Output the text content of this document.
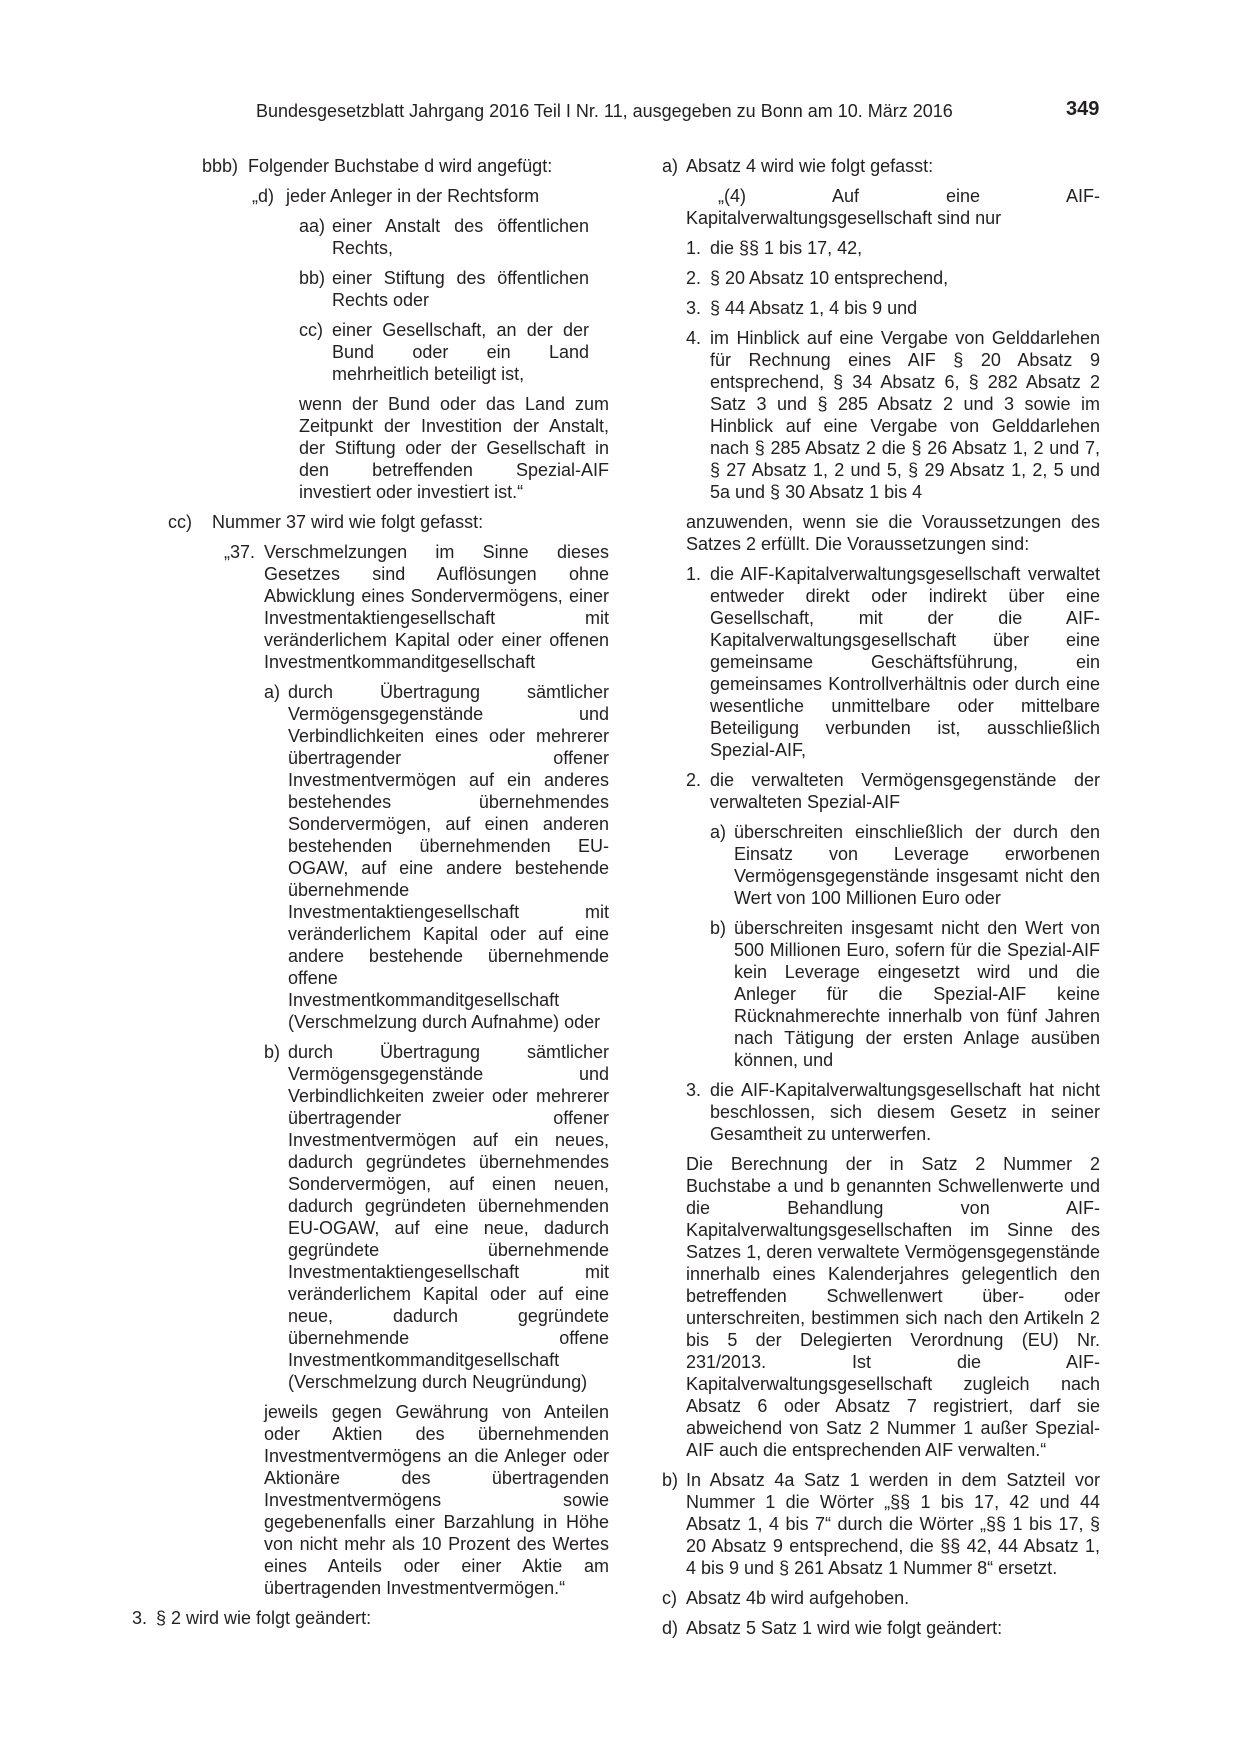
Bundesgesetzblatt Jahrgang 2016 Teil I Nr. 11, ausgegeben zu Bonn am 10. März 2016	349
bbb) Folgender Buchstabe d wird angefügt:
„d) jeder Anleger in der Rechtsform
aa) einer Anstalt des öffentlichen Rechts,
bb) einer Stiftung des öffentlichen Rechts oder
cc) einer Gesellschaft, an der der Bund oder ein Land mehrheitlich beteiligt ist,
wenn der Bund oder das Land zum Zeitpunkt der Investition der Anstalt, der Stiftung oder der Gesellschaft in den betreffenden Spezial-AIF investiert oder investiert ist.“
cc)	Nummer 37 wird wie folgt gefasst:
„37. Verschmelzungen im Sinne dieses Gesetzes sind Auflösungen ohne Abwicklung eines Sondervermögens, einer Investmentaktiengesellschaft mit veränderlichem Kapital oder einer offenen Investmentkommanditgesellschaft
a) durch Übertragung sämtlicher Vermögensgegenstände und Verbindlichkeiten eines oder mehrerer übertragender offener Investmentvermögen auf ein anderes bestehendes übernehmendes Sondervermögen, auf einen anderen bestehenden übernehmenden EU-OGAW, auf eine andere bestehende übernehmende Investmentaktiengesellschaft mit veränderlichem Kapital oder auf eine andere bestehende übernehmende offene Investmentkommanditgesellschaft (Verschmelzung durch Aufnahme) oder
b) durch Übertragung sämtlicher Vermögensgegenstände und Verbindlichkeiten zweier oder mehrerer übertragender offener Investmentvermögen auf ein neues, dadurch gegründetes übernehmendes Sondervermögen, auf einen neuen, dadurch gegründeten übernehmenden EU-OGAW, auf eine neue, dadurch gegründete übernehmende Investmentaktiengesellschaft mit veränderlichem Kapital oder auf eine neue, dadurch gegründete übernehmende offene Investmentkommanditgesellschaft (Verschmelzung durch Neugründung)
jeweils gegen Gewährung von Anteilen oder Aktien des übernehmenden Investmentvermögens an die Anleger oder Aktionäre des übertragenden Investmentvermögens sowie gegebenenfalls einer Barzahlung in Höhe von nicht mehr als 10 Prozent des Wertes eines Anteils oder einer Aktie am übertragenden Investmentvermögen.“
3. § 2 wird wie folgt geändert:
a) Absatz 4 wird wie folgt gefasst:
„(4) Auf eine AIF-Kapitalverwaltungsgesellschaft sind nur
1. die §§ 1 bis 17, 42,
2. § 20 Absatz 10 entsprechend,
3. § 44 Absatz 1, 4 bis 9 und
4. im Hinblick auf eine Vergabe von Gelddarlehen für Rechnung eines AIF § 20 Absatz 9 entsprechend, § 34 Absatz 6, § 282 Absatz 2 Satz 3 und § 285 Absatz 2 und 3 sowie im Hinblick auf eine Vergabe von Gelddarlehen nach § 285 Absatz 2 die § 26 Absatz 1, 2 und 7, § 27 Absatz 1, 2 und 5, § 29 Absatz 1, 2, 5 und 5a und § 30 Absatz 1 bis 4
anzuwenden, wenn sie die Voraussetzungen des Satzes 2 erfüllt. Die Voraussetzungen sind:
1. die AIF-Kapitalverwaltungsgesellschaft verwaltet entweder direkt oder indirekt über eine Gesellschaft, mit der die AIF-Kapitalverwaltungsgesellschaft über eine gemeinsame Geschäftsführung, ein gemeinsames Kontrollverhältnis oder durch eine wesentliche unmittelbare oder mittelbare Beteiligung verbunden ist, ausschließlich Spezial-AIF,
2. die verwalteten Vermögensgegenstände der verwalteten Spezial-AIF
a) überschreiten einschließlich der durch den Einsatz von Leverage erworbenen Vermögensgegenstände insgesamt nicht den Wert von 100 Millionen Euro oder
b) überschreiten insgesamt nicht den Wert von 500 Millionen Euro, sofern für die Spezial-AIF kein Leverage eingesetzt wird und die Anleger für die Spezial-AIF keine Rücknahmerechte innerhalb von fünf Jahren nach Tätigung der ersten Anlage ausüben können, und
3. die AIF-Kapitalverwaltungsgesellschaft hat nicht beschlossen, sich diesem Gesetz in seiner Gesamtheit zu unterwerfen.
Die Berechnung der in Satz 2 Nummer 2 Buchstabe a und b genannten Schwellenwerte und die Behandlung von AIF-Kapitalverwaltungsgesellschaften im Sinne des Satzes 1, deren verwaltete Vermögensgegenstände innerhalb eines Kalenderjahres gelegentlich den betreffenden Schwellenwert über- oder unterschreiten, bestimmen sich nach den Artikeln 2 bis 5 der Delegierten Verordnung (EU) Nr. 231/2013. Ist die AIF-Kapitalverwaltungsgesellschaft zugleich nach Absatz 6 oder Absatz 7 registriert, darf sie abweichend von Satz 2 Nummer 1 außer Spezial-AIF auch die entsprechenden AIF verwalten.“
b) In Absatz 4a Satz 1 werden in dem Satzteil vor Nummer 1 die Wörter „§§ 1 bis 17, 42 und 44 Absatz 1, 4 bis 7“ durch die Wörter „§§ 1 bis 17, § 20 Absatz 9 entsprechend, die §§ 42, 44 Absatz 1, 4 bis 9 und § 261 Absatz 1 Nummer 8“ ersetzt.
c) Absatz 4b wird aufgehoben.
d) Absatz 5 Satz 1 wird wie folgt geändert:
